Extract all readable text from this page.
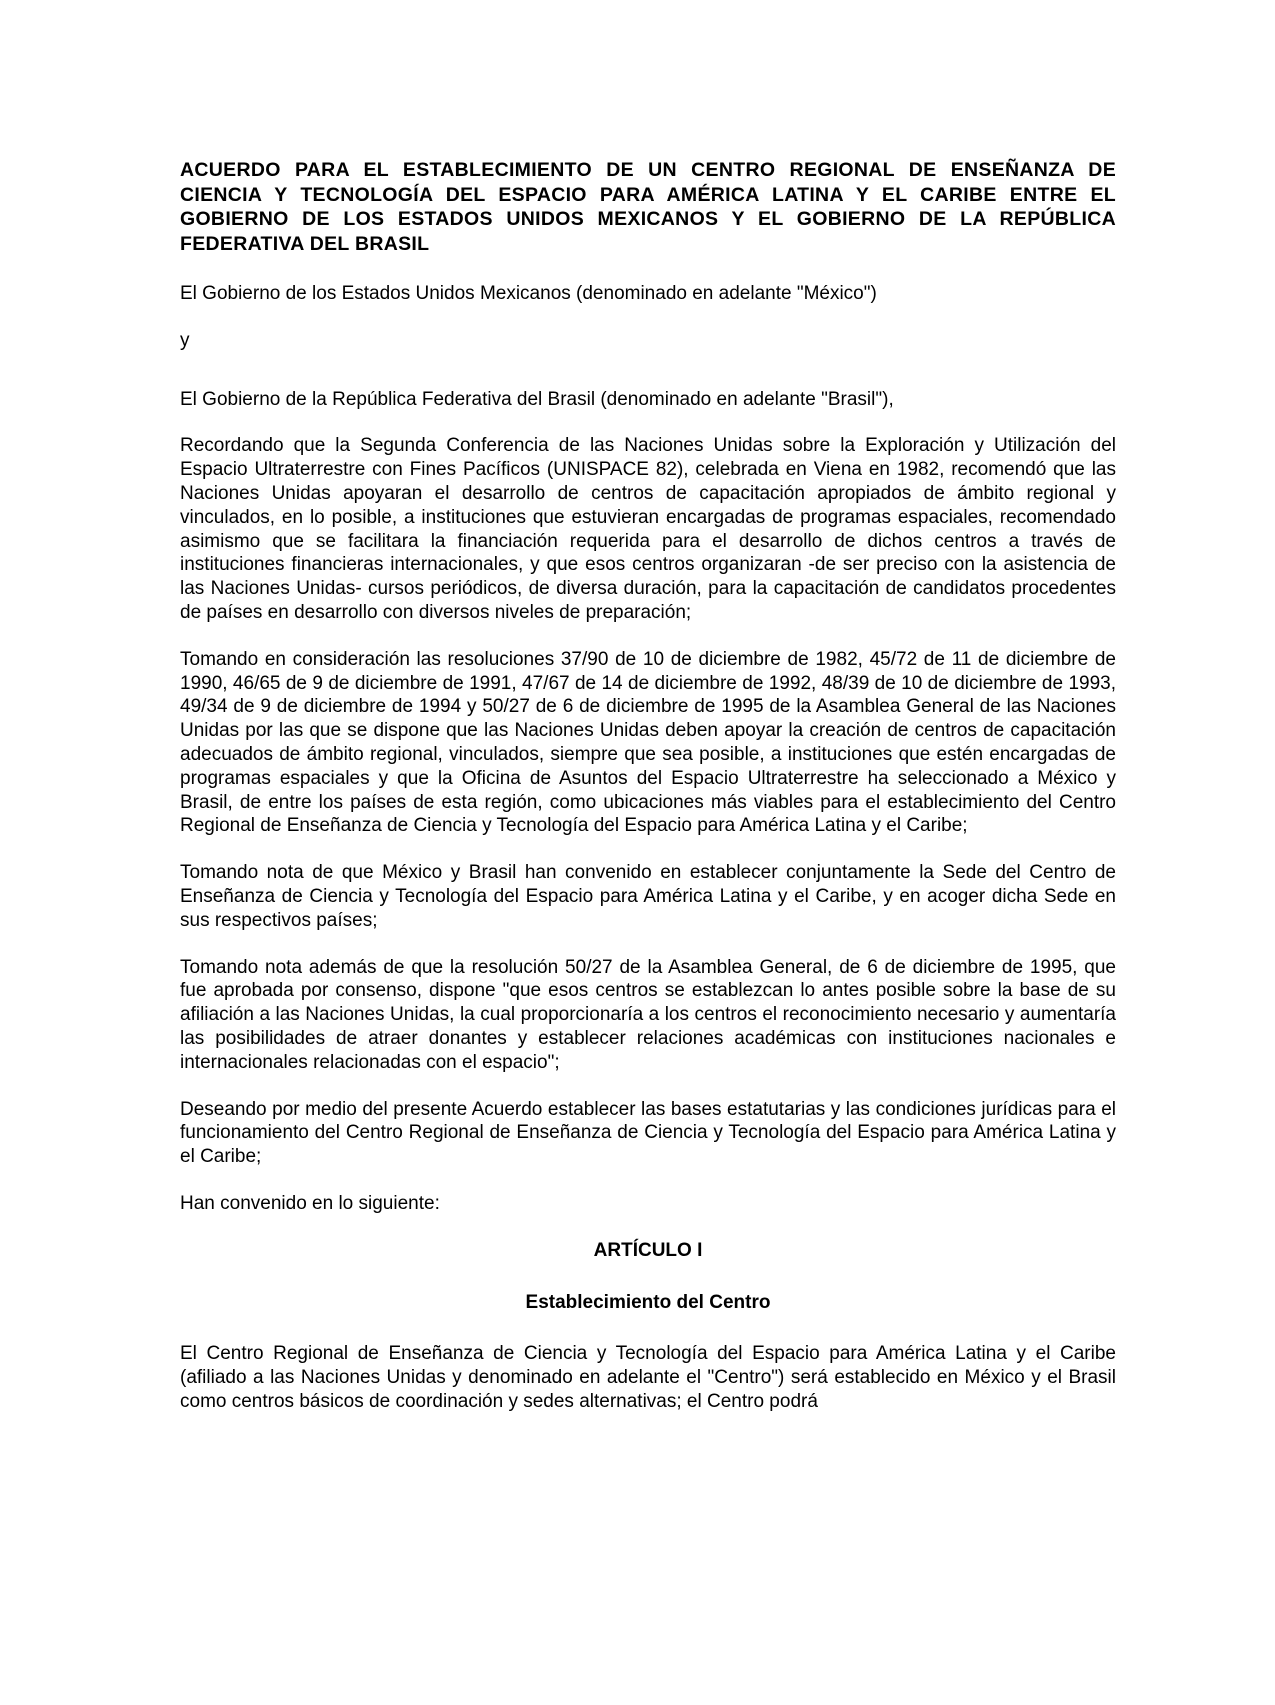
ACUERDO PARA EL ESTABLECIMIENTO DE UN CENTRO REGIONAL DE ENSEÑANZA DE CIENCIA Y TECNOLOGÍA DEL ESPACIO PARA AMÉRICA LATINA Y EL CARIBE ENTRE EL GOBIERNO DE LOS ESTADOS UNIDOS MEXICANOS Y EL GOBIERNO DE LA REPÚBLICA FEDERATIVA DEL BRASIL

El Gobierno de los Estados Unidos Mexicanos (denominado en adelante "México")

y

El Gobierno de la República Federativa del Brasil (denominado en adelante "Brasil"),

Recordando que la Segunda Conferencia de las Naciones Unidas sobre la Exploración y Utilización del Espacio Ultraterrestre con Fines Pacíficos (UNISPACE 82), celebrada en Viena en 1982, recomendó que las Naciones Unidas apoyaran el desarrollo de centros de capacitación apropiados de ámbito regional y vinculados, en lo posible, a instituciones que estuvieran encargadas de programas espaciales, recomendado asimismo que se facilitara la financiación requerida para el desarrollo de dichos centros a través de instituciones financieras internacionales, y que esos centros organizaran -de ser preciso con la asistencia de las Naciones Unidas- cursos periódicos, de diversa duración, para la capacitación de candidatos procedentes de países en desarrollo con diversos niveles de preparación;

Tomando en consideración las resoluciones 37/90 de 10 de diciembre de 1982, 45/72 de 11 de diciembre de 1990, 46/65 de 9 de diciembre de 1991, 47/67 de 14 de diciembre de 1992, 48/39 de 10 de diciembre de 1993, 49/34 de 9 de diciembre de 1994 y 50/27 de 6 de diciembre de 1995 de la Asamblea General de las Naciones Unidas por las que se dispone que las Naciones Unidas deben apoyar la creación de centros de capacitación adecuados de ámbito regional, vinculados, siempre que sea posible, a instituciones que estén encargadas de programas espaciales y que la Oficina de Asuntos del Espacio Ultraterrestre ha seleccionado a México y Brasil, de entre los países de esta región, como ubicaciones más viables para el establecimiento del Centro Regional de Enseñanza de Ciencia y Tecnología del Espacio para América Latina y el Caribe;

Tomando nota de que México y Brasil han convenido en establecer conjuntamente la Sede del Centro de Enseñanza de Ciencia y Tecnología del Espacio para América Latina y el Caribe, y en acoger dicha Sede en sus respectivos países;

Tomando nota además de que la resolución 50/27 de la Asamblea General, de 6 de diciembre de 1995, que fue aprobada por consenso, dispone "que esos centros se establezcan lo antes posible sobre la base de su afiliación a las Naciones Unidas, la cual proporcionaría a los centros el reconocimiento necesario y aumentaría las posibilidades de atraer donantes y establecer relaciones académicas con instituciones nacionales e internacionales relacionadas con el espacio";

Deseando por medio del presente Acuerdo establecer las bases estatutarias y las condiciones jurídicas para el funcionamiento del Centro Regional de Enseñanza de Ciencia y Tecnología del Espacio para América Latina y el Caribe;

Han convenido en lo siguiente:

ARTÍCULO I
Establecimiento del Centro

El Centro Regional de Enseñanza de Ciencia y Tecnología del Espacio para América Latina y el Caribe (afiliado a las Naciones Unidas y denominado en adelante el "Centro") será establecido en México y el Brasil como centros básicos de coordinación y sedes alternativas; el Centro podrá
